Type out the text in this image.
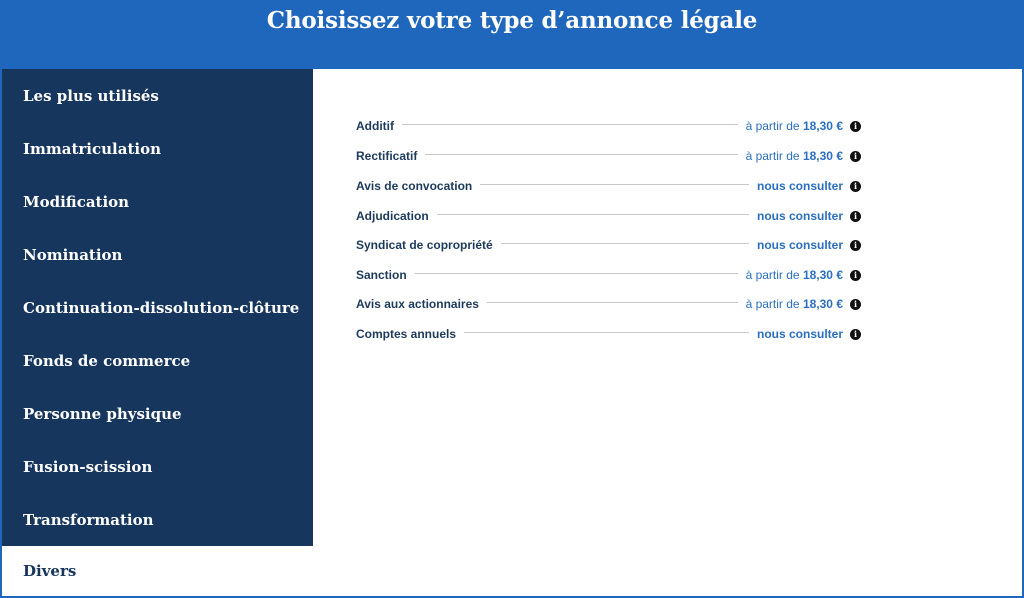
Choisissez votre type d’annonce légale
Les plus utilisés
Immatriculation
Modification
Nomination
Continuation-dissolution-clôture
Fonds de commerce
Personne physique
Fusion-scission
Transformation
Divers
Additif	à partir de 18,30 €	i
Rectificatif	à partir de 18,30 €	i
Avis de convocation	nous consulter	i
Adjudication	nous consulter	i
Syndicat de copropriété	nous consulter	i
Sanction	à partir de 18,30 €	i
Avis aux actionnaires	à partir de 18,30 €	i
Comptes annuels	nous consulter	i
